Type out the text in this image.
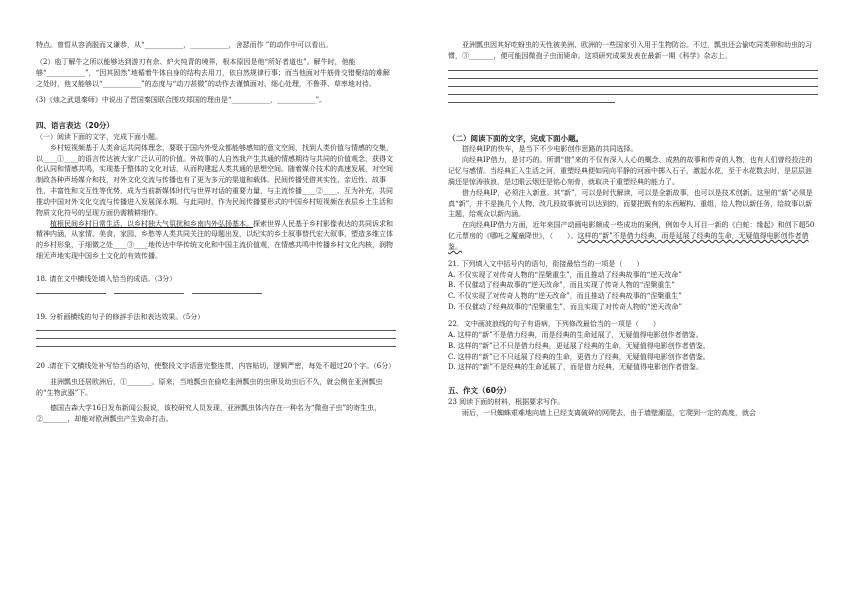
特点。曾晢从容消脱而又谦恭，从“___________，___________，舍瑟而作 ”的动作中可以看出。

（2）庖丁解牛之所以能够达到游刃有余、炉火纯青的境界，根本原因是他“所好者道也”。解牛时，他能够“___________”，“因其固然”地循着牛体自身的结构去用刀，依自然规律行事；而当他面对牛筋骨交错聚结的难解之处时，他又能够以“___________”的态度与“动刀甚微”的动作去谨慎面对、细心处理，不鲁莽、草率地对待。

(3)《烛之武退秦师》中说出了晋国秦国联合围攻郑国的理由是“___________，___________”。

四、语言表达（20分）

（一）阅读下面的文字，完成下面小题。

乡村短视频基于人类命运共同体理念，要联于国内外受众都能够感知的意文空间，找到人类价值与情感的交集，以____①____的语言传达被大家广泛认可的价值。外故事的人自然我产生共通的情感期待与共同的价值观念，获得文化认同和情感共鸣，实现基于整体的文化对话，从而构建起人类共通的思想空间。随着媒介技术的高速发展，对空间制政各种声场媒介和技，对外文化交流与传播也有了更为多元的渠道和载体。民间传播凭借其实性、亲近性、故事性，丰富性和文互性等优势，成为当前新媒体时代与世界对话的重要力量，与主流传播____②____、互为补充，共同推动中国对外文化交流与传播进入发展深水期。与此同时，作为民间传播要形式的中国乡村短视频在表层乡土生活和物质文化符号的呈现方面仍需精耕细作。

植根民间乡村日常生活，以乡村独大气氛扰和乡南内外弘扬基本。探索世界人民基于乡村影像表达的共同诉求和精神内涵，从家情、美食、家园，乡愁等人类共同关注的母题出发，以纪实的乡土叙事替代宏大叙事，塑造多维立体的乡村形象，于细微之处____③____地传达中华传统文化和中国主流价值观，在情感共鸣中传播乡村文化内核，润物细无声地实现中国乡土文化的有效传播。

18. 请在文中横线处填入恰当的成语。（3分）

19. 分析画横线的句子的修辞手法和表达效果。（5分）

20 .请在下文横线处补写恰当的语句，使整段文字语意完整连贯，内容贴切，逻辑严密，每处不超过20个字。（6分）

韭洲瓢虫还居欧洲后，①_______。原来，当地瓢虫在偷吃韭洲瓢虫的虫卵及幼虫后不久，就会侧在亚洲瓢虫的“生物武器”下。

德国吉森大学16日发布新闻公报说，该校研究人员发现，亚洲瓢虫体内存在一种名为“微孢子虫”的寄生虫，②_______，却能对欧洲瓢虫产生致命打击。

亚洲瓢虫因其好吃蚜虫的天性被美洲、欧洲的一些国家引入用于生物防治。不过，瓢虫还会偷吃同类卵和幼虫的习惯，③_______，便可能因微孢子虫而毙命。这项研究成果发表在最新一期《科学》杂志上。

（二）阅读下面的文字，完成下面小题。

搭经典IP的快车，是当下不少电影创作思路的共同选择。

向经典IP借力，是讨巧的。所谓“借”来的不仅有深入人心的概念、成熟的故事和传奇的人物，也有人们曾经投注的记忆与感情。当经典汇入生活之河，重塑经典便如同向平静的河面中掷入石子，激起水花，至于水花数去时，是层层涟漪还是惊涛骇浪，是过眼云烟还是铭心刻骨，就取决于重塑经典的能力了。

借力经典IP，必须注入新意。其“新”，可以是时代解读，可以是全新故事，也可以是技术创新。这里的“新”必须是真“新”，并不是换几个人物、改几段故事就可以达到的，而要把既有的东西解构、重组，给人物以新任务，给故事以新主题，给观众以新内涵。

在向经典IP借力方面，近年来国产动画电影颇成一些成功的案例，例如令人耳目一新的《白蛇：缘起》和创下超50亿元票房的《哪吒之魔童降世》，（　　）。这样的“新”不是借力经典，而是延展了经典的生命，无疑值得电影创作者借鉴。

21. 下列填入文中括号内的语句，衔接最恰当的一项是（　　）

A. 不仅实现了对传奇人物的“涅槃重生”，而且推动了经典故事的“逆天改命”

B. 不仅催动了经典故事的“逆天改命”，而且实现了传奇人物的“涅槃重生”

C. 不仅实现了对传奇人物的“逆天改命”，而且推动了经典故事的“涅槃重生”

D. 不仅催动了经典故事的“涅槃重生”，而且实现了对传奇人物的“逆天改命”

22．文中画波浪线的句子有语病，下列修改最恰当的一项是（　　）

A. 这样的“新”不是借力经典，而是经典的生命延展了，无疑值得电影创作者借鉴。

B. 这样的“新”已不只是借力经典，更延展了经典的生命，无疑值得电影创作者借鉴。

C. 这样的“新”已不只延展了经典的生命，更借力了经典，无疑值得电影创作者借鉴。

D. 这样的“新”不是经典的生命延展了，而是借力经典，无疑值得电影创作者借鉴。

五、作文（60分）

23 阅读下面的材料，根据要求写作。

雨后，一只蜘蛛艰难地向墙上已经支离破碎的网爬去，由于墙壁潮湿，它爬到一定的高度，就会
